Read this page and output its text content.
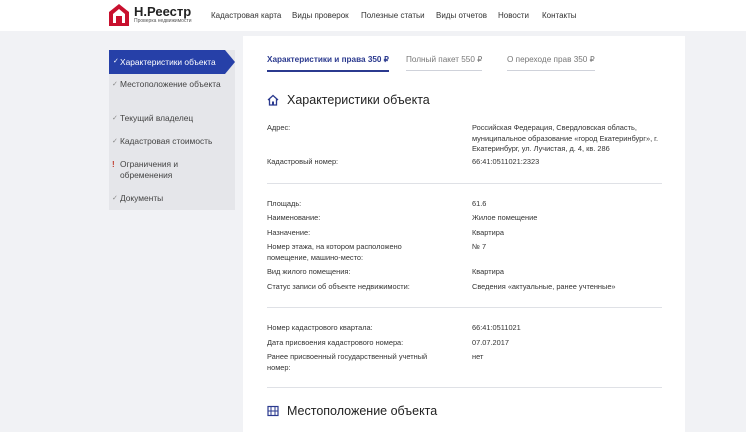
Н.Реестр
Проверка недвижимости
Кадастровая карта Виды проверок Полезные статьи Виды отчетов Новости Контакты
✓ Характеристики объекта
✓ Местоположение объекта
✓ Текущий владелец
✓ Кадастровая стоимость
! Ограничения и обременения
✓ Документы
Характеристики и права 350 ₽ Полный пакет 550 ₽	О переходе прав 350 ₽
Характеристики объекта
Адрес:	Российская Федерация, Свердловская область, муниципальное образование «город Екатеринбург», г. Екатеринбург, ул. Лучистая, д. 4, кв. 286
Кадастровый номер:	66:41:0511021:2323
Площадь:	61.6
Наименование:	Жилое помещение
Назначение:	Квартира
Номер этажа, на котором расположено помещение, машино-место:
№ 7
Вид жилого помещения:	Квартира
Статус записи об объекте недвижимости:	Сведения «актуальные, ранее учтенные»
Номер кадастрового квартала:	66:41:0511021
Дата присвоения кадастрового номера:	07.07.2017
Ранее присвоенный государственный учетный номер:
нет
Местоположение объекта
